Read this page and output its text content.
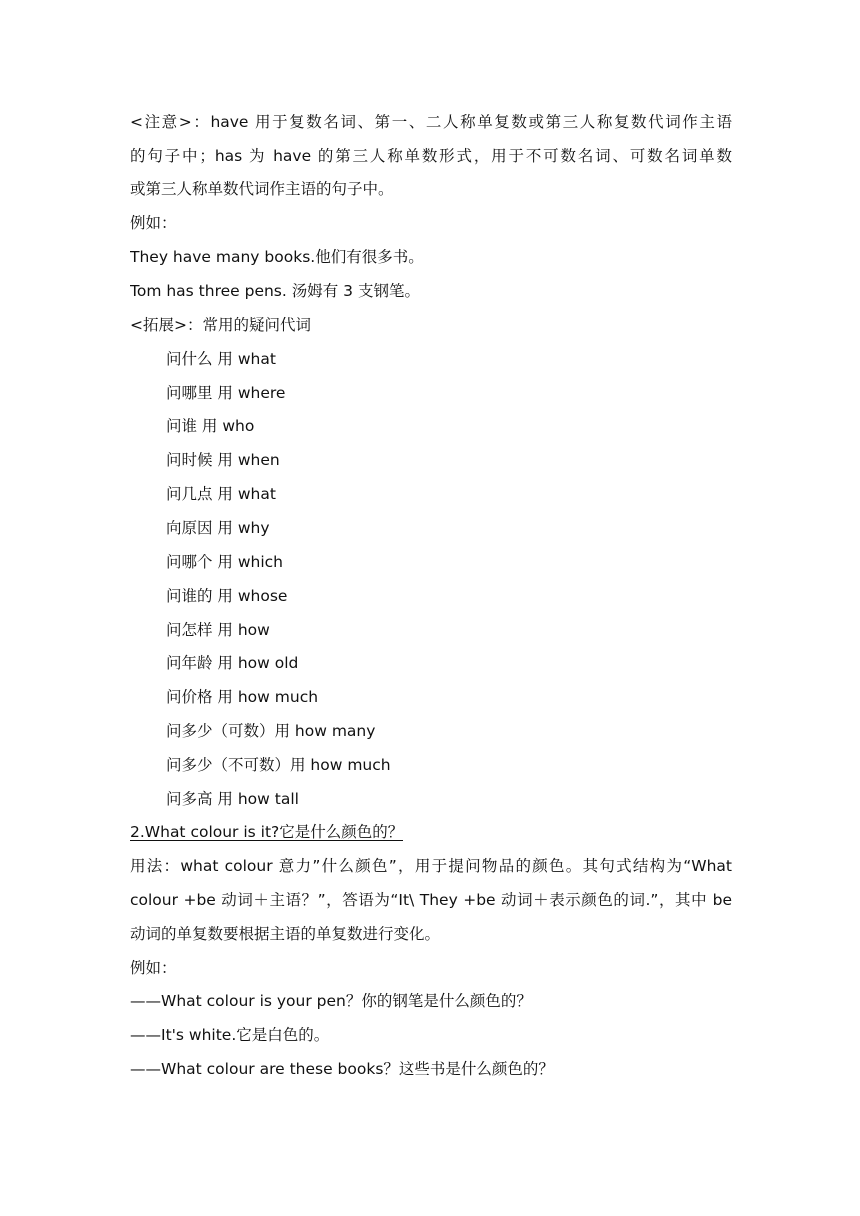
<注意>：have 用于复数名词、第一、二人称单复数或第三人称复数代词作主语
的句子中；has 为 have 的第三人称单数形式，用于不可数名词、可数名词单数
或第三人称单数代词作主语的句子中。
例如：
They have many books.他们有很多书。
Tom has three pens. 汤姆有 3 支钢笔。
<拓展>：常用的疑问代词
问什么 用 what
问哪里 用 where
问谁 用 who
问时候 用 when
问几点 用 what
向原因 用 why
问哪个 用 which
问谁的 用 whose
问怎样 用 how
问年龄 用 how old
问价格 用 how much
问多少（可数）用 how many
问多少（不可数）用 how much
问多高 用 how tall
2.What colour is it?它是什么颜色的？
用法：what colour 意力”什么颜色”，用于提问物品的颜色。其句式结构为“What
colour +be 动词＋主语？”，答语为“It\ They +be 动词＋表示颜色的词.”，其中 be
动词的单复数要根据主语的单复数进行变化。
例如：
——What colour is your pen？你的钢笔是什么颜色的？
——It's white.它是白色的。
——What colour are these books？这些书是什么颜色的？
